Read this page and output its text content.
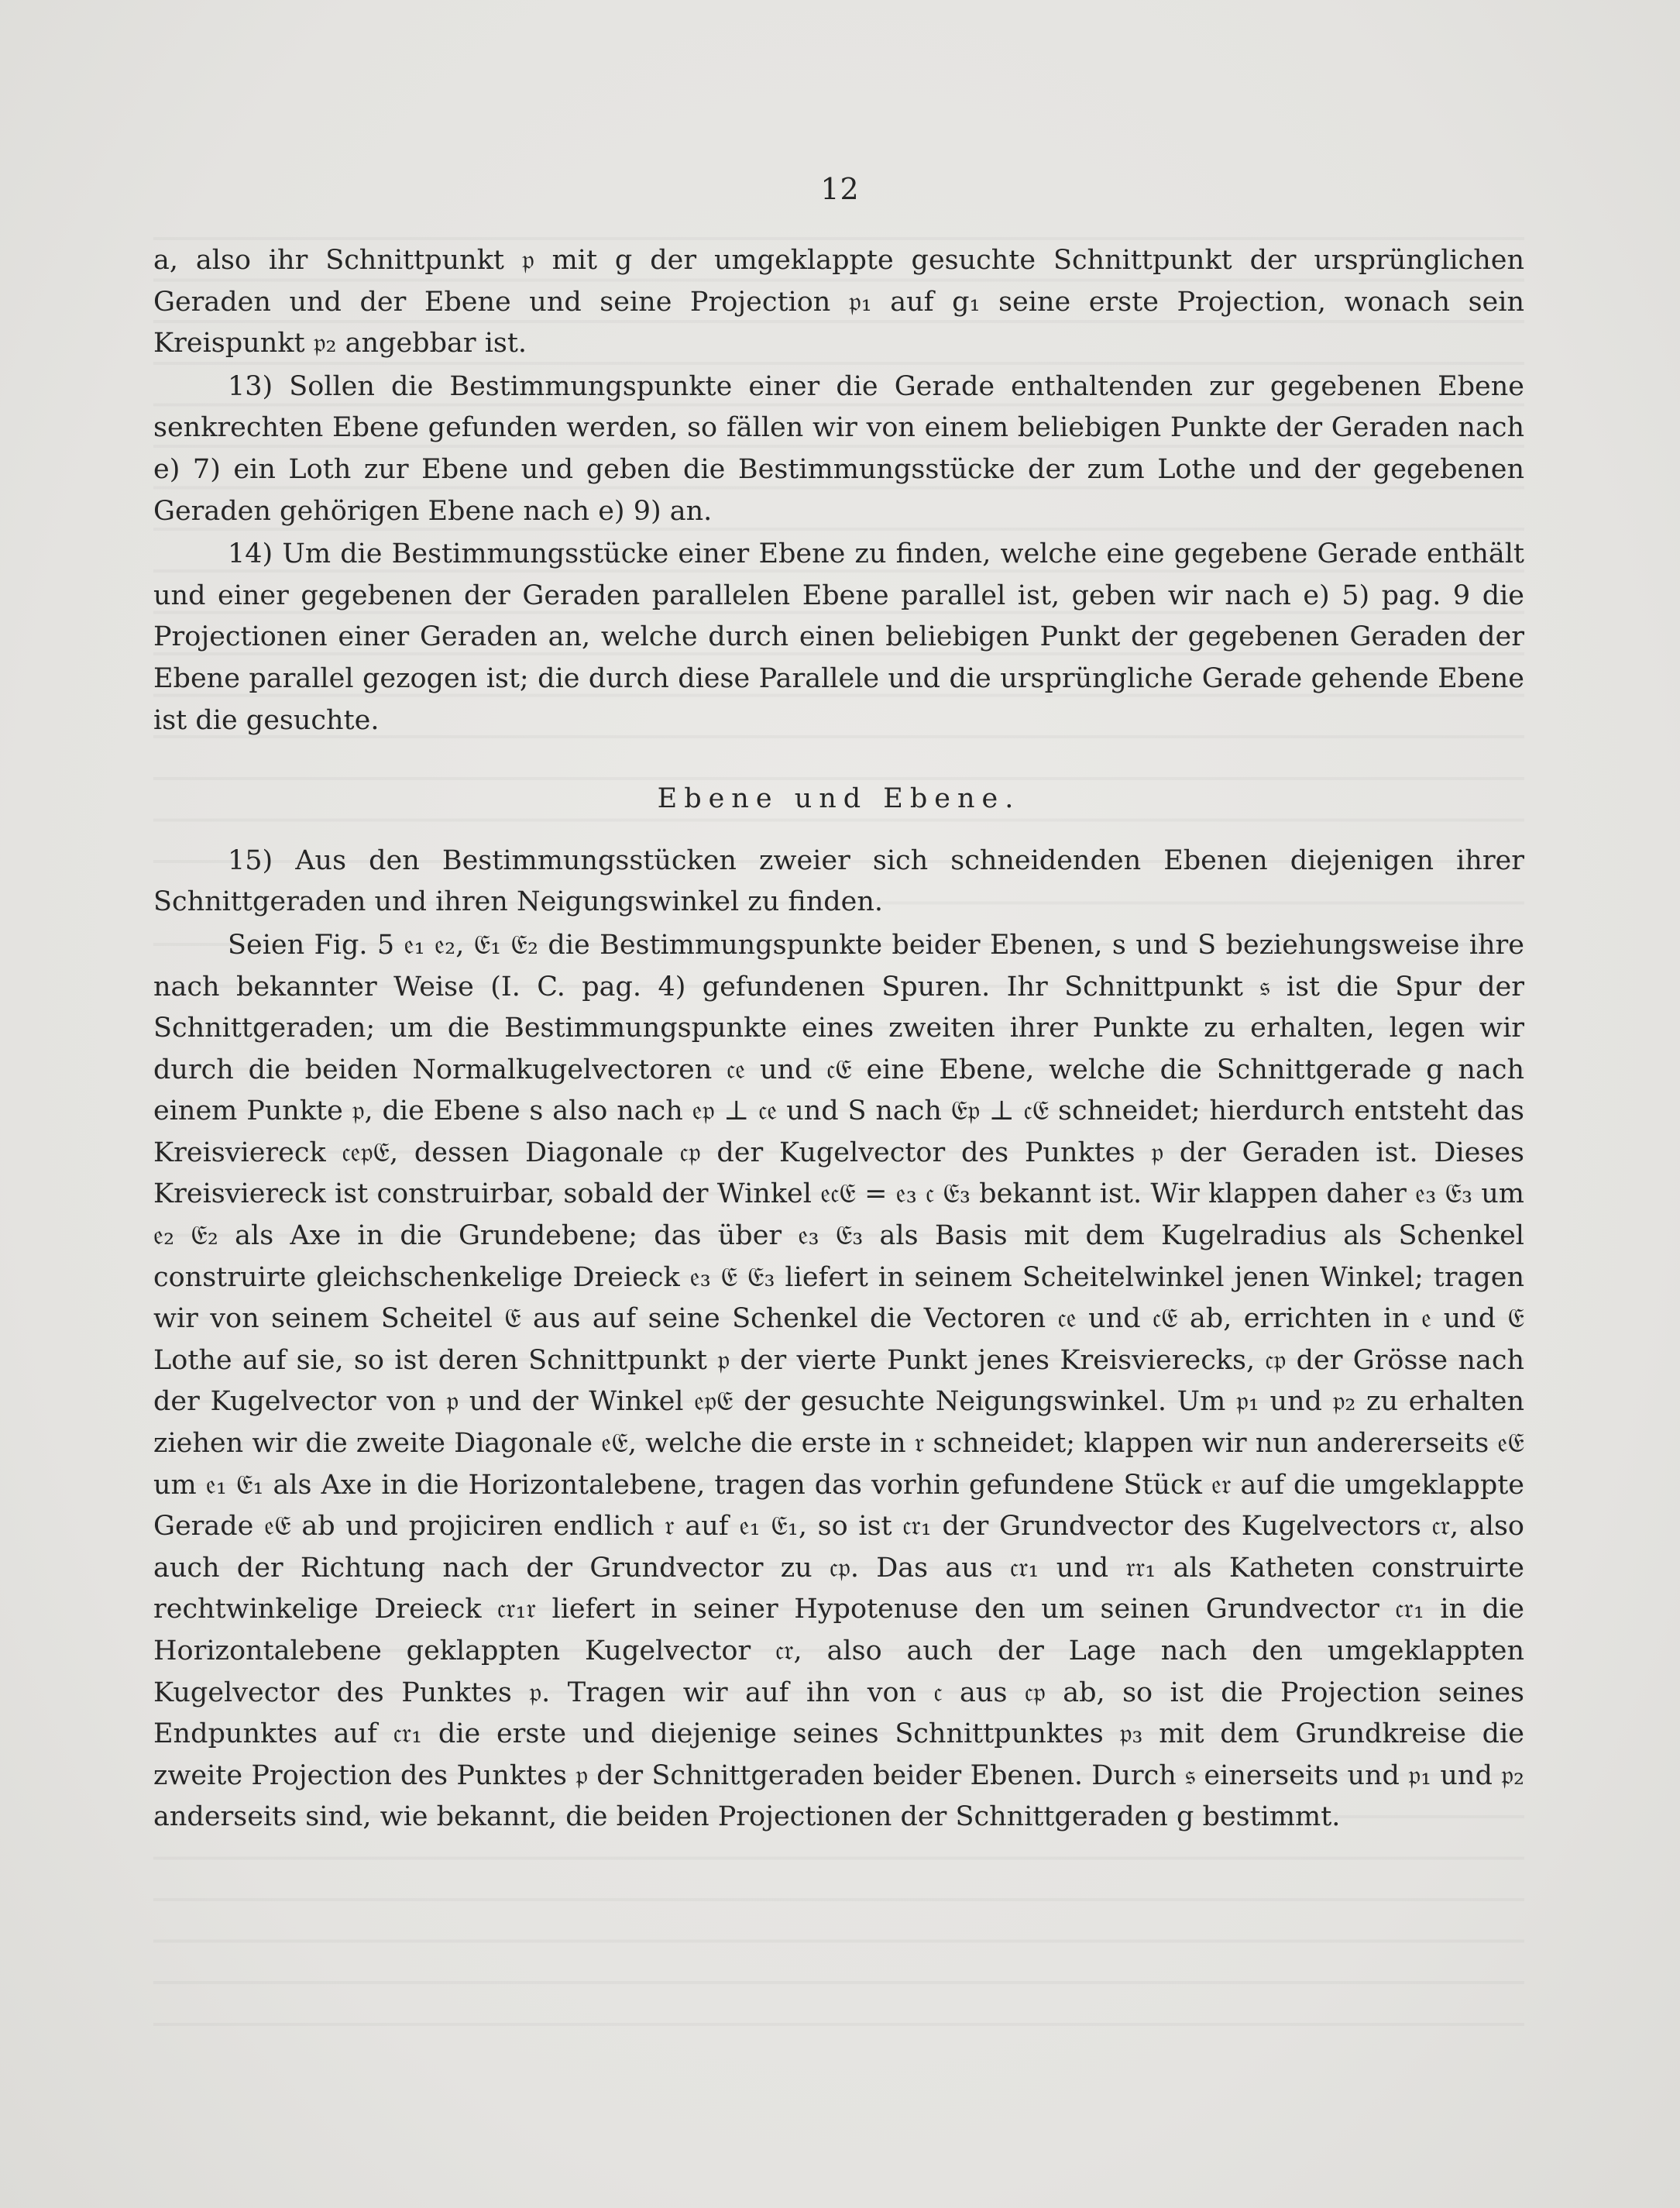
12

a, also ihr Schnittpunkt 𝔭 mit g der umgeklappte gesuchte Schnittpunkt der ursprünglichen Geraden und der Ebene und seine Projection 𝔭₁ auf g₁ seine erste Projection, wonach sein Kreispunkt 𝔭₂ angebbar ist.

13) Sollen die Bestimmungspunkte einer die Gerade enthaltenden zur gegebenen Ebene senkrechten Ebene gefunden werden, so fällen wir von einem beliebigen Punkte der Geraden nach e) 7) ein Loth zur Ebene und geben die Bestimmungsstücke der zum Lothe und der gegebenen Geraden gehörigen Ebene nach e) 9) an.

14) Um die Bestimmungsstücke einer Ebene zu finden, welche eine gegebene Gerade enthält und einer gegebenen der Geraden parallelen Ebene parallel ist, geben wir nach e) 5) pag. 9 die Projectionen einer Geraden an, welche durch einen beliebigen Punkt der gegebenen Geraden der Ebene parallel gezogen ist; die durch diese Parallele und die ursprüngliche Gerade gehende Ebene ist die gesuchte.

Ebene und Ebene.

15) Aus den Bestimmungsstücken zweier sich schneidenden Ebenen diejenigen ihrer Schnittgeraden und ihren Neigungswinkel zu finden.

Seien Fig. 5 𝔢₁ 𝔢₂, 𝔈₁ 𝔈₂ die Bestimmungspunkte beider Ebenen, s und S beziehungsweise ihre nach bekannter Weise (I. C. pag. 4) gefundenen Spuren. Ihr Schnittpunkt 𝔰 ist die Spur der Schnittgeraden; um die Bestimmungspunkte eines zweiten ihrer Punkte zu erhalten, legen wir durch die beiden Normalkugelvectoren 𝔠𝔢 und 𝔠𝔈 eine Ebene, welche die Schnittgerade g nach einem Punkte 𝔭, die Ebene s also nach 𝔢𝔭 ⊥ 𝔠𝔢 und S nach 𝔈𝔭 ⊥ 𝔠𝔈 schneidet; hierdurch entsteht das Kreisviereck 𝔠𝔢𝔭𝔈, dessen Diagonale 𝔠𝔭 der Kugelvector des Punktes 𝔭 der Geraden ist. Dieses Kreisviereck ist construirbar, sobald der Winkel 𝔢𝔠𝔈 = 𝔢₃ 𝔠 𝔈₃ bekannt ist. Wir klappen daher 𝔢₃ 𝔈₃ um 𝔢₂ 𝔈₂ als Axe in die Grundebene; das über 𝔢₃ 𝔈₃ als Basis mit dem Kugelradius als Schenkel construirte gleichschenkelige Dreieck 𝔢₃ 𝔈 𝔈₃ liefert in seinem Scheitelwinkel jenen Winkel; tragen wir von seinem Scheitel 𝔈 aus auf seine Schenkel die Vectoren 𝔠𝔢 und 𝔠𝔈 ab, errichten in 𝔢 und 𝔈 Lothe auf sie, so ist deren Schnittpunkt 𝔭 der vierte Punkt jenes Kreisvierecks, 𝔠𝔭 der Grösse nach der Kugelvector von 𝔭 und der Winkel 𝔢𝔭𝔈 der gesuchte Neigungswinkel. Um 𝔭₁ und 𝔭₂ zu erhalten ziehen wir die zweite Diagonale 𝔢𝔈, welche die erste in 𝔯 schneidet; klappen wir nun andererseits 𝔢𝔈 um 𝔢₁ 𝔈₁ als Axe in die Horizontalebene, tragen das vorhin gefundene Stück 𝔢𝔯 auf die umgeklappte Gerade 𝔢𝔈 ab und projiciren endlich 𝔯 auf 𝔢₁ 𝔈₁, so ist 𝔠𝔯₁ der Grundvector des Kugelvectors 𝔠𝔯, also auch der Richtung nach der Grundvector zu 𝔠𝔭. Das aus 𝔠𝔯₁ und 𝔯𝔯₁ als Katheten construirte rechtwinkelige Dreieck 𝔠𝔯₁𝔯 liefert in seiner Hypotenuse den um seinen Grundvector 𝔠𝔯₁ in die Horizontalebene geklappten Kugelvector 𝔠𝔯, also auch der Lage nach den umgeklappten Kugelvector des Punktes 𝔭. Tragen wir auf ihn von 𝔠 aus 𝔠𝔭 ab, so ist die Projection seines Endpunktes auf 𝔠𝔯₁ die erste und diejenige seines Schnittpunktes 𝔭₃ mit dem Grundkreise die zweite Projection des Punktes 𝔭 der Schnittgeraden beider Ebenen. Durch 𝔰 einerseits und 𝔭₁ und 𝔭₂ anderseits sind, wie bekannt, die beiden Projectionen der Schnittgeraden g bestimmt.
